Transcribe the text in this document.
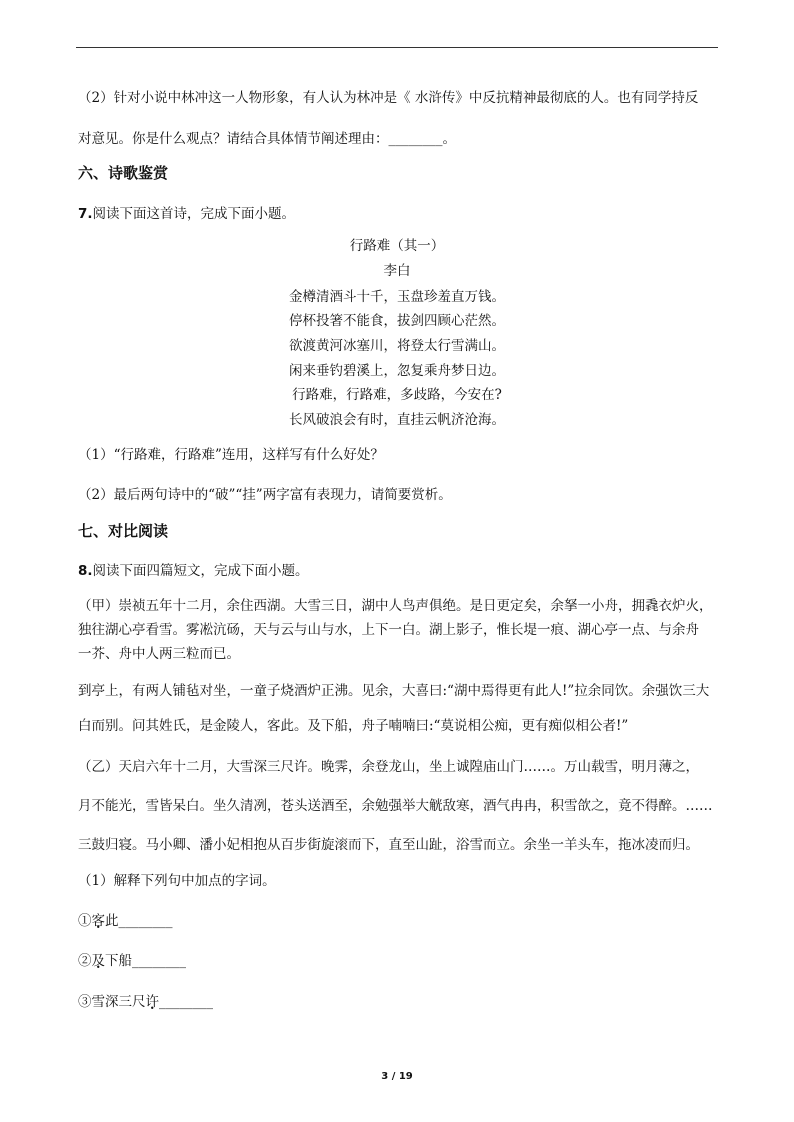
（2）针对小说中林冲这一人物形象，有人认为林冲是《 水浒传》中反抗精神最彻底的人。也有同学持反
对意见。你是什么观点？请结合具体情节阐述理由：________。
六、诗歌鉴赏
7.阅读下面这首诗，完成下面小题。
行路难（其一）
李白
金樽清酒斗十千，玉盘珍羞直万钱。
停杯投箸不能食，拔剑四顾心茫然。
欲渡黄河冰塞川，将登太行雪满山。
闲来垂钓碧溪上，忽复乘舟梦日边。
行路难，行路难，多歧路，今安在?
长风破浪会有时，直挂云帆济沧海。
（1）“行路难，行路难”连用，这样写有什么好处？
（2）最后两句诗中的“破”“挂”两字富有表现力，请简要赏析。
七、对比阅读
8.阅读下面四篇短文，完成下面小题。
（甲）崇祯五年十二月，余住西湖。大雪三日，湖中人鸟声俱绝。是日更定矣，余拏一小舟，拥毳衣炉火，
独往湖心亭看雪。雾凇沆砀，天与云与山与水，上下一白。湖上影子，惟长堤一痕、湖心亭一点、与余舟
一芥、舟中人两三粒而已。
到亭上，有两人铺毡对坐，一童子烧酒炉正沸。见余，大喜曰:“湖中焉得更有此人!”拉余同饮。余强饮三大
白而别。问其姓氏，是金陵人，客此。及下船，舟子喃喃曰:“莫说相公痴，更有痴似相公者!”
（乙）天启六年十二月，大雪深三尺许。晚霁，余登龙山，坐上诚隍庙山门……。万山载雪，明月薄之，
月不能光，雪皆呆白。坐久清冽，苍头送酒至，余勉强举大觥敌寒，酒气冉冉，积雪欱之，竟不得醉。……
三鼓归寝。马小卿、潘小妃相抱从百步街旋滚而下，直至山趾，浴雪而立。余坐一羊头车，拖冰凌而归。
（1）解释下列句中加点的字词。
①客此________
②及下船________
③雪深三尺许________
3 / 19
